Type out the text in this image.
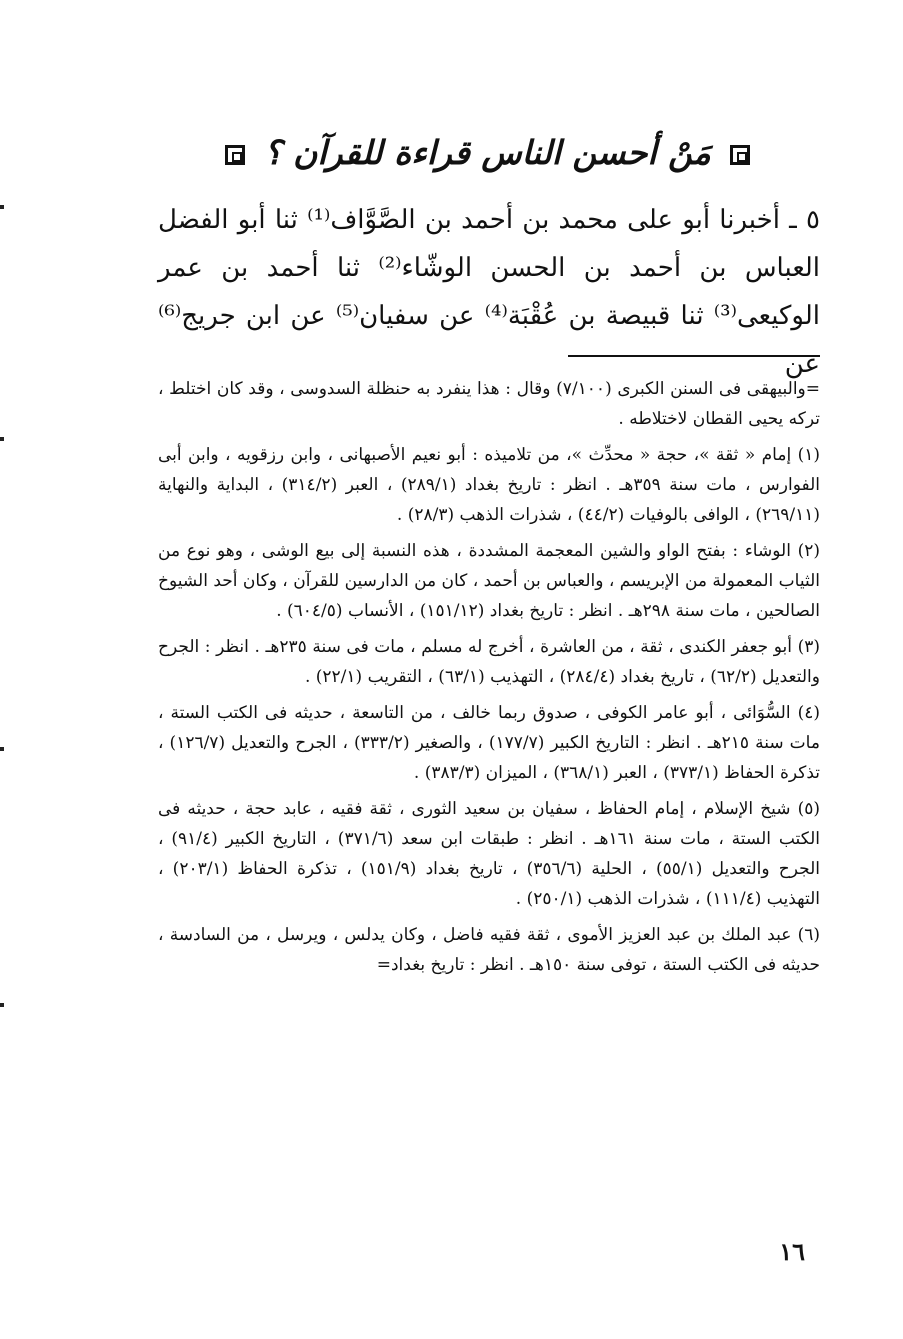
مَنْ أحسن الناس قراءة للقرآن ؟

٥ ـ أخبرنا أبو على محمد بن أحمد بن الصَّوَّاف⁽¹⁾ ثنا أبو الفضل العباس بن أحمد بن الحسن الوشّاء⁽²⁾ ثنا أحمد بن عمر الوكيعى⁽³⁾ ثنا قبيصة بن عُقْبَة⁽⁴⁾ عن سفيان⁽⁵⁾ عن ابن جريج⁽⁶⁾ عن

=والبيهقى فى السنن الكبرى (٧/١٠٠) وقال : هذا ينفرد به حنظلة السدوسى ، وقد كان اختلط ، تركه يحيى القطان لاختلاطه .

(١) إمام « ثقة »، حجة « محدِّث »، من تلاميذه : أبو نعيم الأصبهانى ، وابن رزقويه ، وابن أبى الفوارس ، مات سنة ٣٥٩هـ . انظر : تاريخ بغداد (٢٨٩/١) ، العبر (٣١٤/٢) ، البداية والنهاية (٢٦٩/١١) ، الوافى بالوفيات (٤٤/٢) ، شذرات الذهب (٢٨/٣) .

(٢) الوشاء : بفتح الواو والشين المعجمة المشددة ، هذه النسبة إلى بيع الوشى ، وهو نوع من الثياب المعمولة من الإبريسم ، والعباس بن أحمد ، كان من الدارسين للقرآن ، وكان أحد الشيوخ الصالحين ، مات سنة ٢٩٨هـ . انظر : تاريخ بغداد (١٥١/١٢) ، الأنساب (٦٠٤/٥) .

(٣) أبو جعفر الكندى ، ثقة ، من العاشرة ، أخرج له مسلم ، مات فى سنة ٢٣٥هـ . انظر : الجرح والتعديل (٦٢/٢) ، تاريخ بغداد (٢٨٤/٤) ، التهذيب (٦٣/١) ، التقريب (٢٢/١) .

(٤) السُّوَائى ، أبو عامر الكوفى ، صدوق ربما خالف ، من التاسعة ، حديثه فى الكتب الستة ، مات سنة ٢١٥هـ . انظر : التاريخ الكبير (١٧٧/٧) ، والصغير (٣٣٣/٢) ، الجرح والتعديل (١٢٦/٧) ، تذكرة الحفاظ (٣٧٣/١) ، العبر (٣٦٨/١) ، الميزان (٣٨٣/٣) .

(٥) شيخ الإسلام ، إمام الحفاظ ، سفيان بن سعيد الثورى ، ثقة فقيه ، عابد حجة ، حديثه فى الكتب الستة ، مات سنة ١٦١هـ . انظر : طبقات ابن سعد (٣٧١/٦) ، التاريخ الكبير (٩١/٤) ، الجرح والتعديل (٥٥/١) ، الحلية (٣٥٦/٦) ، تاريخ بغداد (١٥١/٩) ، تذكرة الحفاظ (٢٠٣/١) ، التهذيب (١١١/٤) ، شذرات الذهب (٢٥٠/١) .

(٦) عبد الملك بن عبد العزيز الأموى ، ثقة فقيه فاضل ، وكان يدلس ، ويرسل ، من السادسة ، حديثه فى الكتب الستة ، توفى سنة ١٥٠هـ . انظر : تاريخ بغداد=

١٦
